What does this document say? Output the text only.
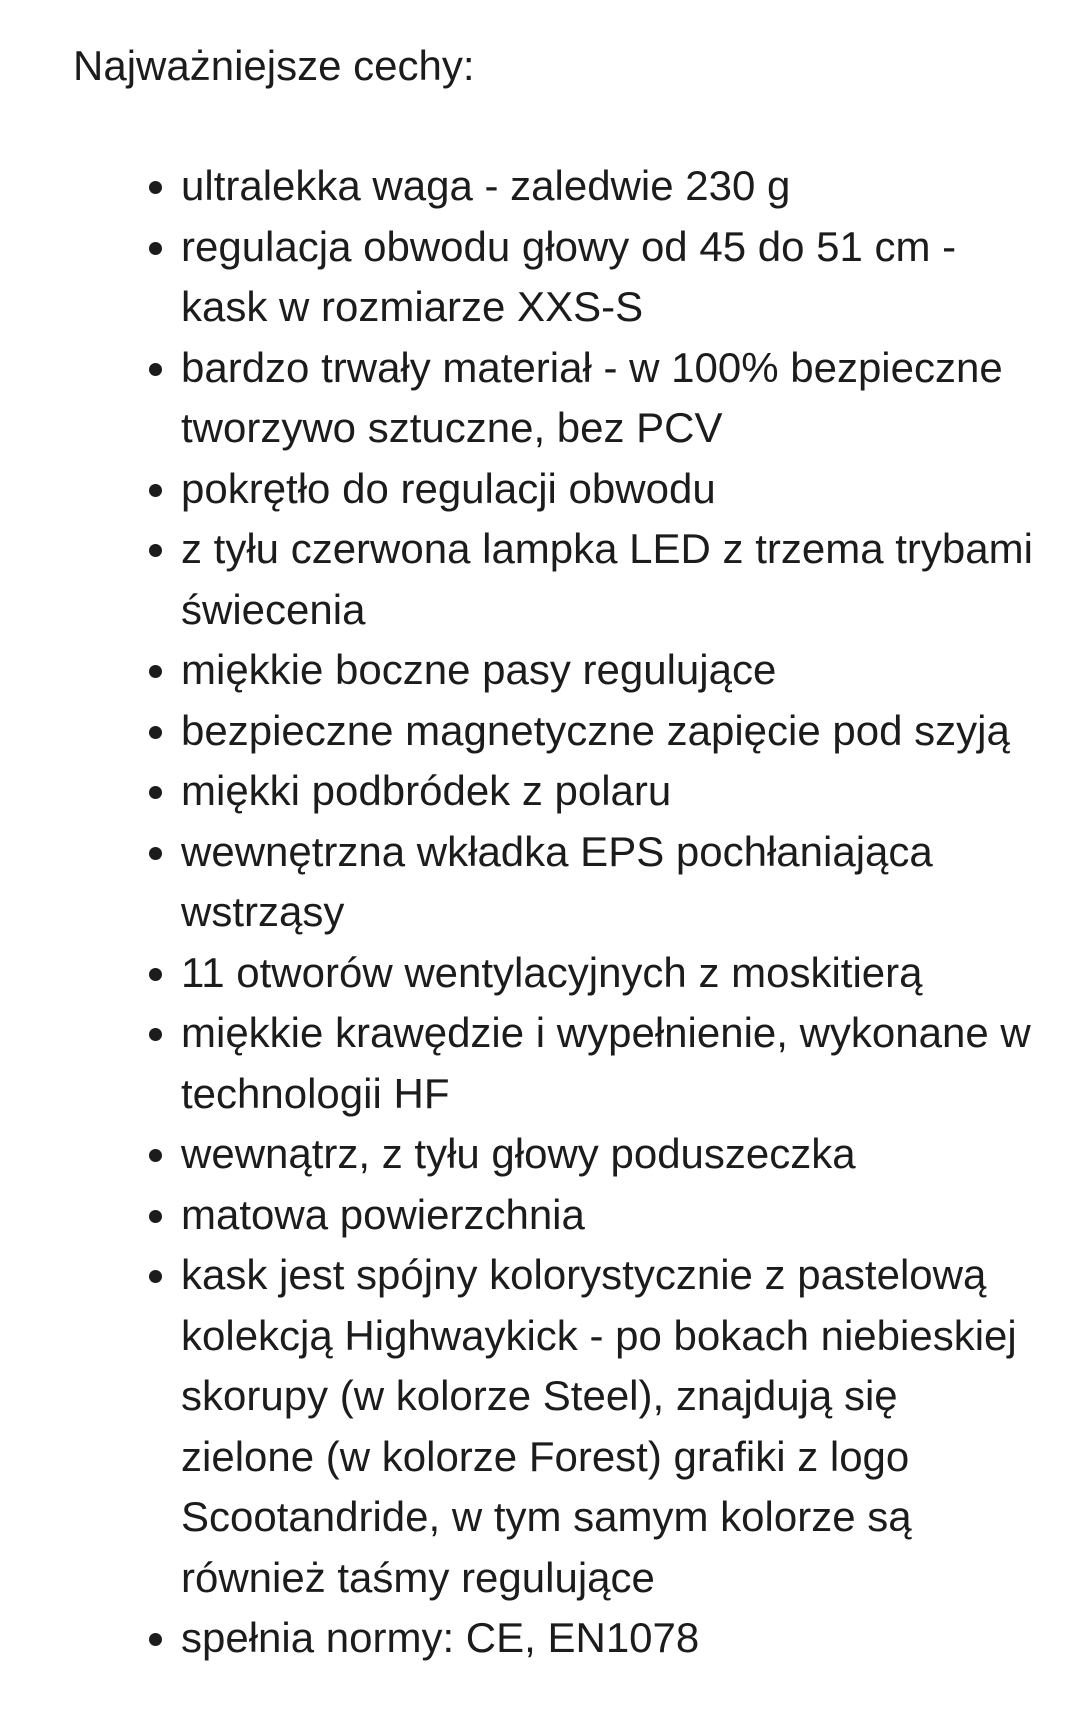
Najważniejsze cechy:

ultralekka waga - zaledwie 230 g
regulacja obwodu głowy od 45 do 51 cm - kask w rozmiarze XXS-S
bardzo trwały materiał - w 100% bezpieczne tworzywo sztuczne, bez PCV
pokrętło do regulacji obwodu
z tyłu czerwona lampka LED z trzema trybami świecenia
miękkie boczne pasy regulujące
bezpieczne magnetyczne zapięcie pod szyją
miękki podbródek z polaru
wewnętrzna wkładka EPS pochłaniająca wstrząsy
11 otworów wentylacyjnych z moskitierą
miękkie krawędzie i wypełnienie, wykonane w technologii HF
wewnątrz, z tyłu głowy poduszeczka
matowa powierzchnia
kask jest spójny kolorystycznie z pastelową kolekcją Highwaykick - po bokach niebieskiej skorupy (w kolorze Steel), znajdują się zielone (w kolorze Forest) grafiki z logo Scootandride, w tym samym kolorze są również taśmy regulujące
spełnia normy: CE, EN1078
